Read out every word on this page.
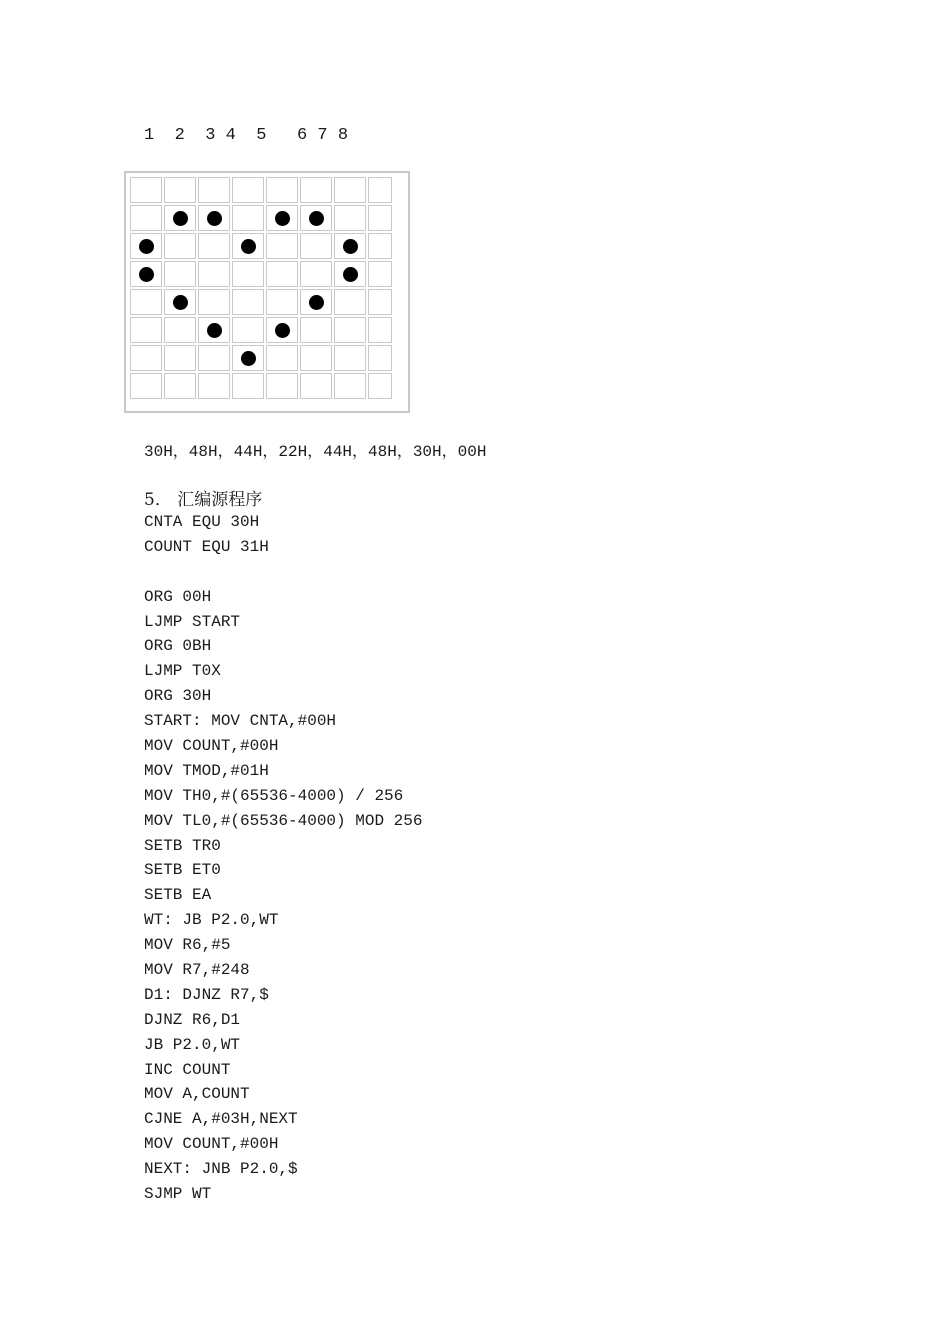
1  2  3 4  5   6 7 8

30H，48H，44H，22H，44H，48H，30H，00H
5． 汇编源程序
CNTA EQU 30H
COUNT EQU 31H
ORG 00H
LJMP START
ORG 0BH
LJMP T0X
ORG 30H
START: MOV CNTA,#00H
MOV COUNT,#00H
MOV TMOD,#01H
MOV TH0,#(65536-4000) / 256
MOV TL0,#(65536-4000) MOD 256
SETB TR0
SETB ET0
SETB EA
WT: JB P2.0,WT
MOV R6,#5
MOV R7,#248
D1: DJNZ R7,$
DJNZ R6,D1
JB P2.0,WT
INC COUNT
MOV A,COUNT
CJNE A,#03H,NEXT
MOV COUNT,#00H
NEXT: JNB P2.0,$
SJMP WT
